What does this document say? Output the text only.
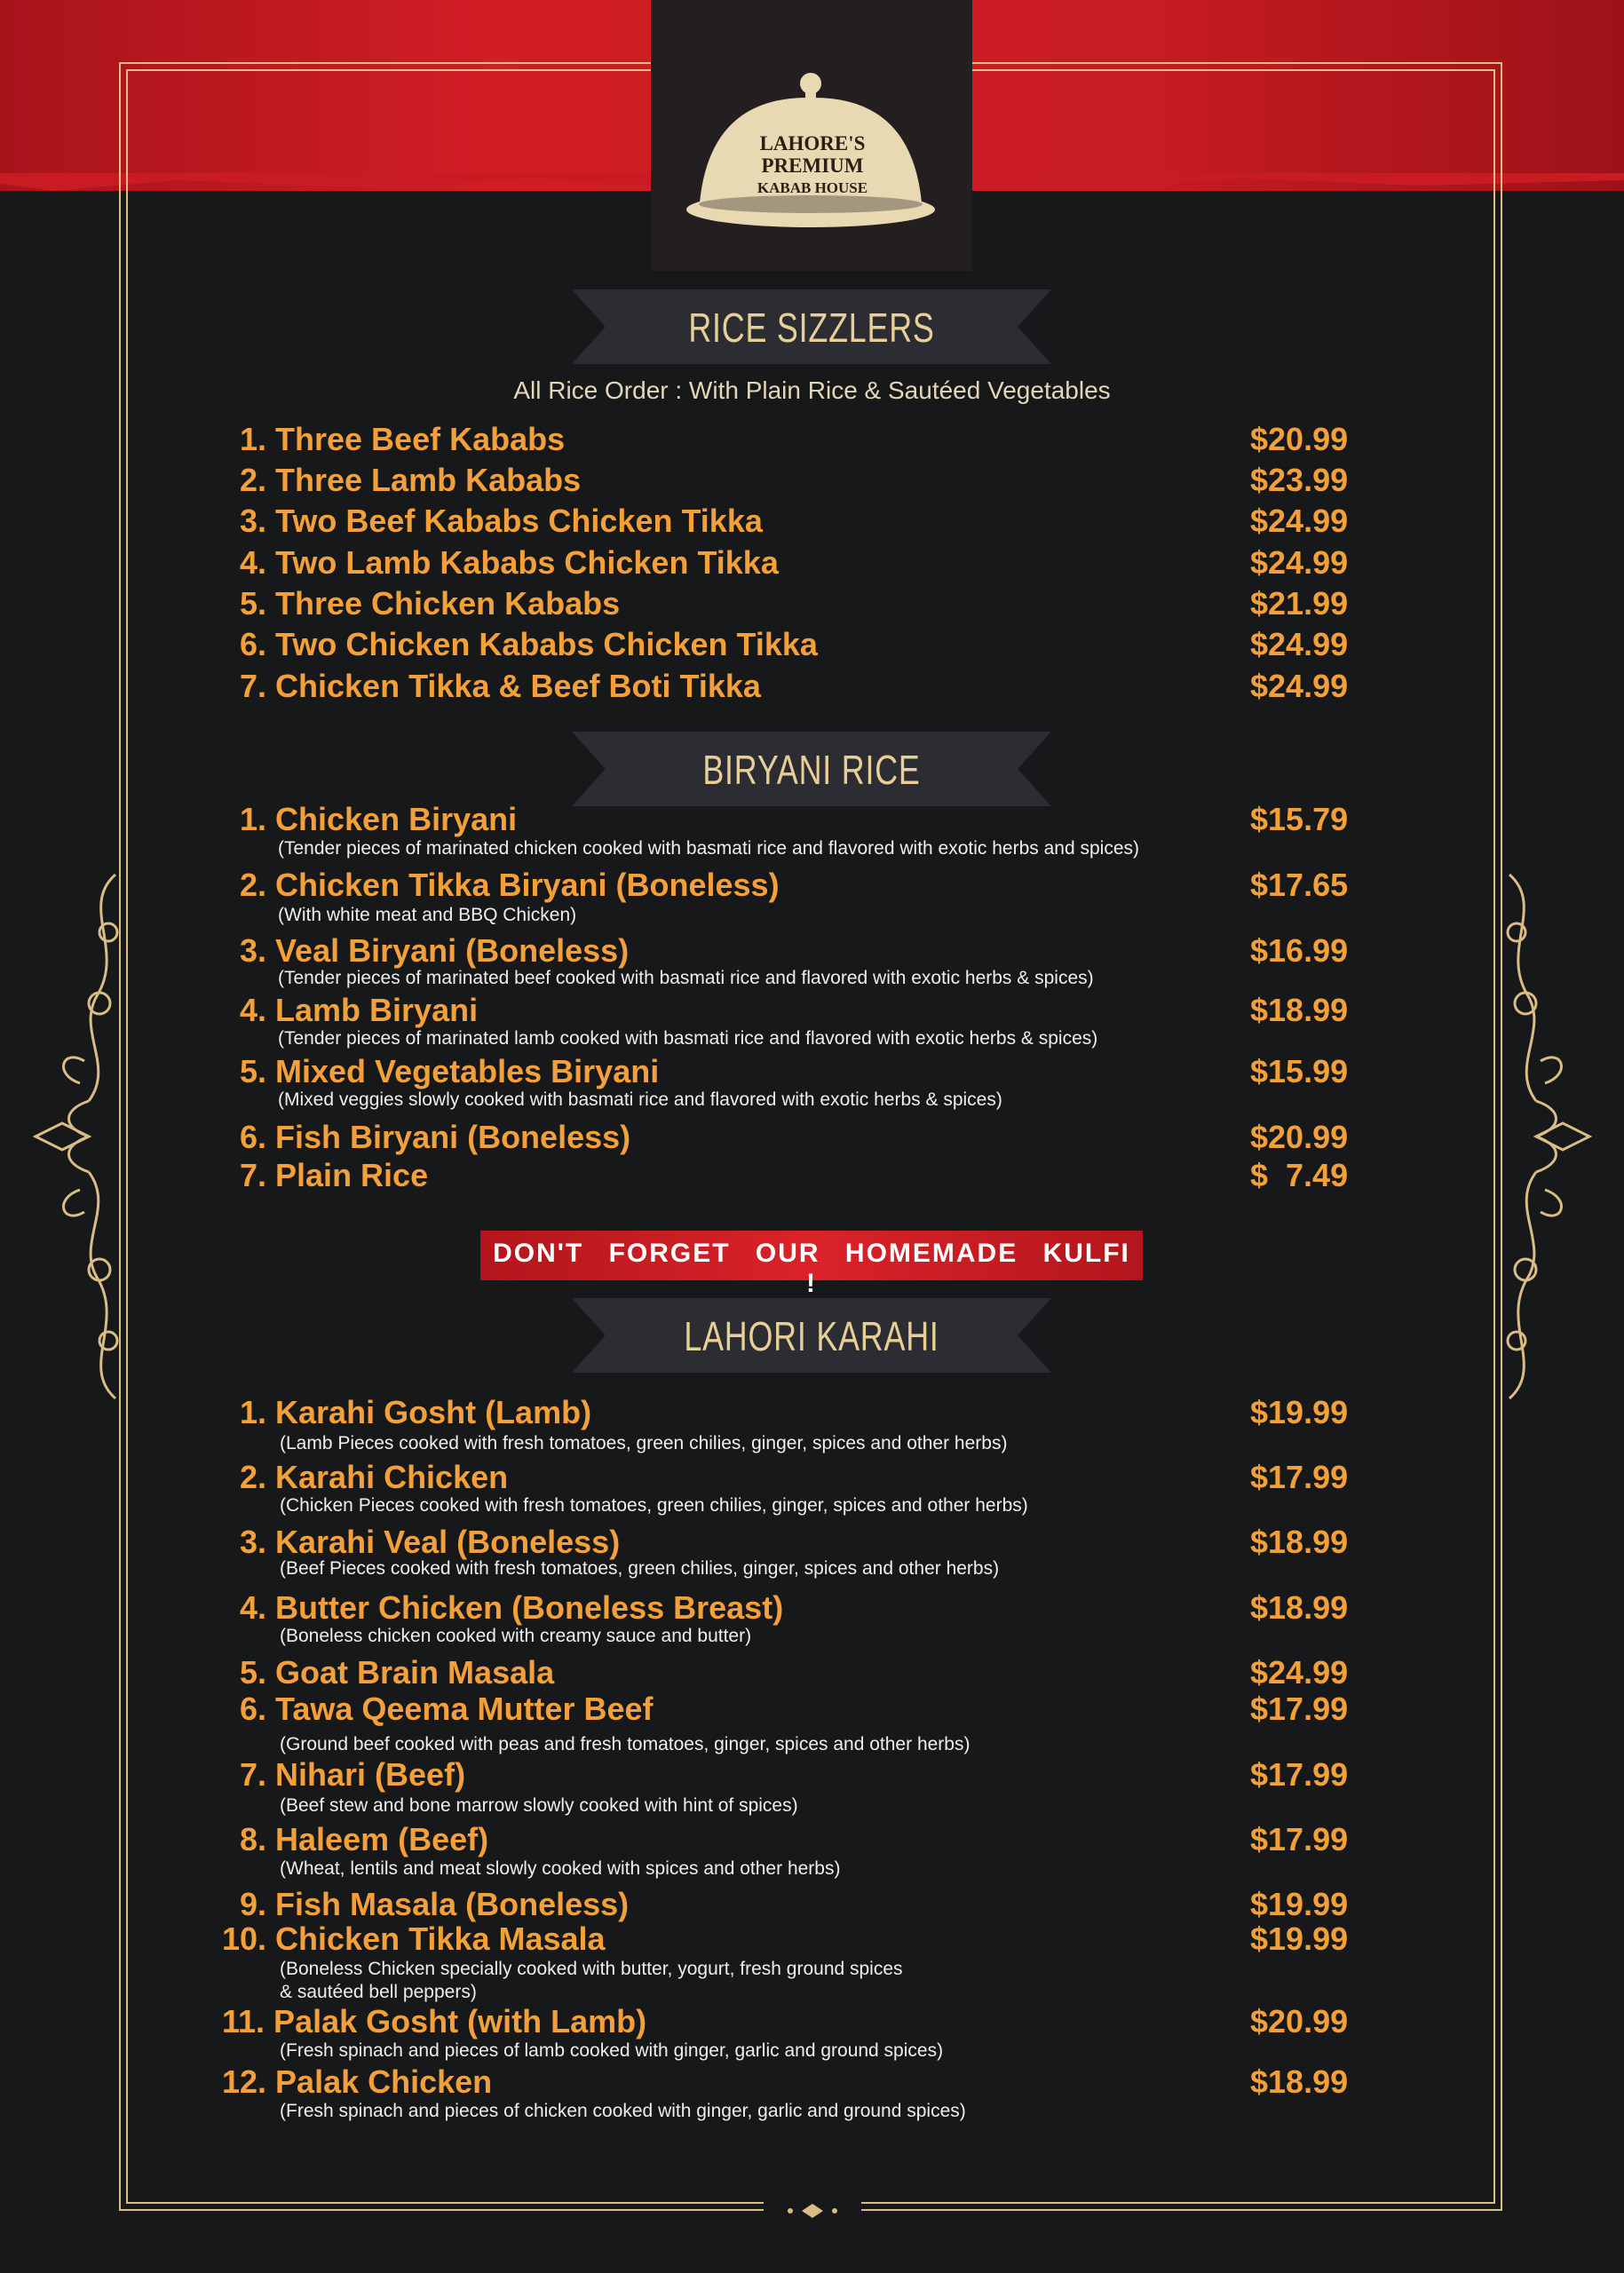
LAHORE'S
PREMIUM
KABAB HOUSE
RICE SIZZLERS
All Rice Order : With Plain Rice & Sautéed Vegetables
1. Three Beef Kababs	$20.99
2. Three Lamb Kababs	$23.99
3. Two Beef Kababs Chicken Tikka	$24.99
4. Two Lamb Kababs Chicken Tikka	$24.99
5. Three Chicken Kababs	$21.99
6. Two Chicken Kababs Chicken Tikka	$24.99
7. Chicken Tikka & Beef Boti Tikka	$24.99
BIRYANI RICE
1. Chicken Biryani	$15.79
(Tender pieces of marinated chicken cooked with basmati rice and flavored with exotic herbs and spices)
2. Chicken Tikka Biryani (Boneless)	$17.65
(With white meat and BBQ Chicken)
3. Veal Biryani (Boneless)	$16.99
(Tender pieces of marinated beef cooked with basmati rice and flavored with exotic herbs & spices)
4. Lamb Biryani	$18.99
(Tender pieces of marinated lamb cooked with basmati rice and flavored with exotic herbs & spices)
5. Mixed Vegetables Biryani	$15.99
(Mixed veggies slowly cooked with basmati rice and flavored with exotic herbs & spices)
6. Fish Biryani (Boneless)	$20.99
7. Plain Rice	$  7.49
DON'T FORGET OUR HOMEMADE KULFI !
LAHORI KARAHI
1. Karahi Gosht (Lamb)	$19.99
(Lamb Pieces cooked with fresh tomatoes, green chilies, ginger, spices and other herbs)
2. Karahi Chicken	$17.99
(Chicken Pieces cooked with fresh tomatoes, green chilies, ginger, spices and other herbs)
3. Karahi Veal (Boneless)	$18.99
(Beef Pieces cooked with fresh tomatoes, green chilies, ginger, spices and other herbs)
4. Butter Chicken (Boneless Breast)	$18.99
(Boneless chicken cooked with creamy sauce and butter)
5. Goat Brain Masala	$24.99
6. Tawa Qeema Mutter Beef	$17.99
(Ground beef cooked with peas and fresh tomatoes, ginger, spices and other herbs)
7. Nihari (Beef)	$17.99
(Beef stew and bone marrow slowly cooked with hint of spices)
8. Haleem (Beef)	$17.99
(Wheat, lentils and meat slowly cooked with spices and other herbs)
9. Fish Masala (Boneless)	$19.99
10. Chicken Tikka Masala	$19.99
(Boneless Chicken specially cooked with butter, yogurt, fresh ground spices
& sautéed bell peppers)
11. Palak Gosht (with Lamb)	$20.99
(Fresh spinach and pieces of lamb cooked with ginger, garlic and ground spices)
12. Palak Chicken	$18.99
(Fresh spinach and pieces of chicken cooked with ginger, garlic and ground spices)
